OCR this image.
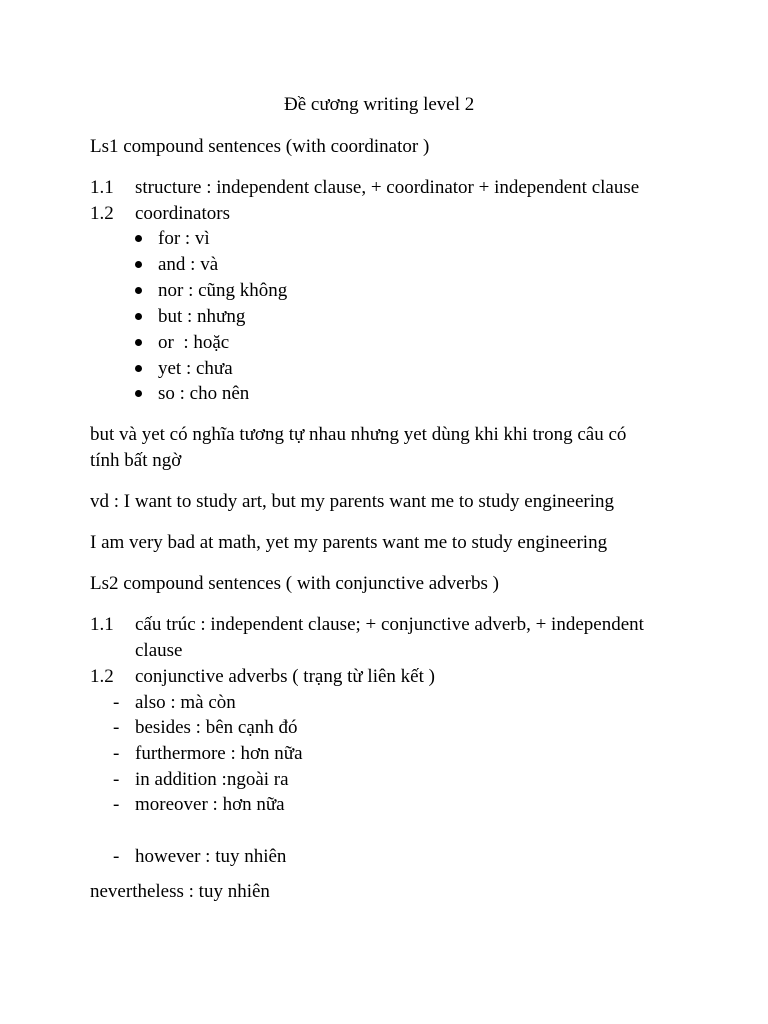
Đề cương writing level 2
Ls1 compound sentences (with coordinator )
1.1 structure : independent clause, + coordinator + independent clause
1.2 coordinators
for : vì
and : và
nor : cũng không
but : nhưng
or  : hoặc
yet : chưa
so : cho nên
but và yet có nghĩa tương tự nhau nhưng yet dùng khi khi trong câu có
tính bất ngờ
vd : I want to study art, but my parents want me to study engineering
I am very bad at math, yet my parents want me to study engineering
Ls2 compound sentences ( with conjunctive adverbs )
1.1 cấu trúc : independent clause; + conjunctive adverb, + independent
clause
1.2 conjunctive adverbs ( trạng từ liên kết )
- also : mà còn
- besides : bên cạnh đó
- furthermore : hơn nữa
- in addition :ngoài ra
- moreover : hơn nữa
- however : tuy nhiên
nevertheless : tuy nhiên
